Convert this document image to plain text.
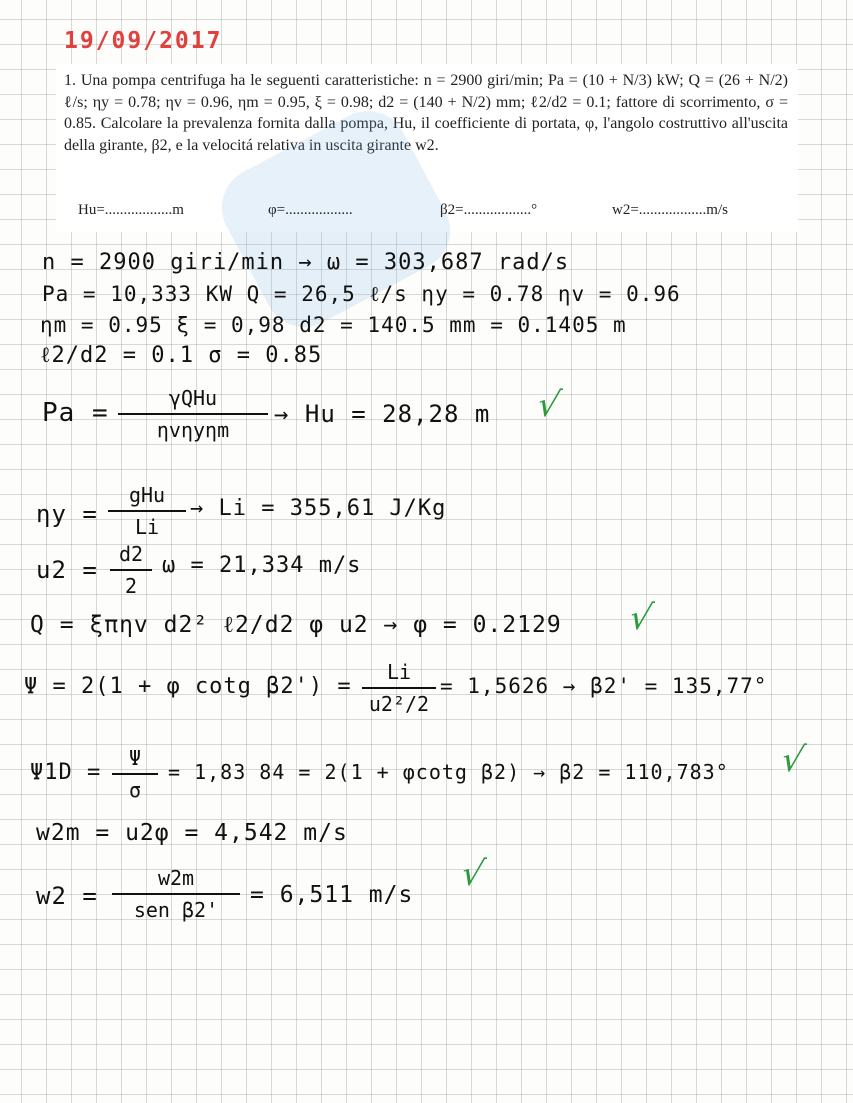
19/09/2017

1. Una pompa centrifuga ha le seguenti caratteristiche: n = 2900 giri/min; Pa = (10 + N/3) kW; Q = (26 + N/2) ℓ/s; ηy = 0.78; ηv = 0.96, ηm = 0.95, ξ = 0.98; d2 = (140 + N/2) mm; ℓ2/d2 = 0.1; fattore di scorrimento, σ = 0.85. Calcolare la prevalenza fornita dalla pompa, Hu, il coefficiente di portata, φ, l'angolo costruttivo all'uscita della girante, β2, e la velocitá relativa in uscita girante w2.

Hu=..................m	φ=..................	β2=..................°	w2=..................m/s
n = 2900 giri/min → ω = 303,687 rad/s
Pa = 10,333 KW Q = 26,5 ℓ/s ηy = 0.78 ηv = 0.96
ηm = 0.95 ξ = 0,98 d2 = 140.5 mm = 0.1405 m
ℓ2/d2 = 0.1 σ = 0.85
Pa =	γQHu
ηvηyηm
→ Hu = 28,28 m √
ηy =
gHu
Li
→ Li = 355,61 J/Kg
u2 =
d2
2
ω = 21,334 m/s
Q = ξπηv d2² ℓ2/d2 φ u2 → φ = 0.2129 √
Ψ = 2(1 + φ cotg β2') =
Li
u2²/2
= 1,5626 → β2' = 135,77°
Ψ1D =
Ψ
σ
= 1,83 84 = 2(1 + φcotg β2) → β2 = 110,783° √
w2m = u2φ = 4,542 m/s
w2 =
w2m
sen β2'
= 6,511 m/s
√
